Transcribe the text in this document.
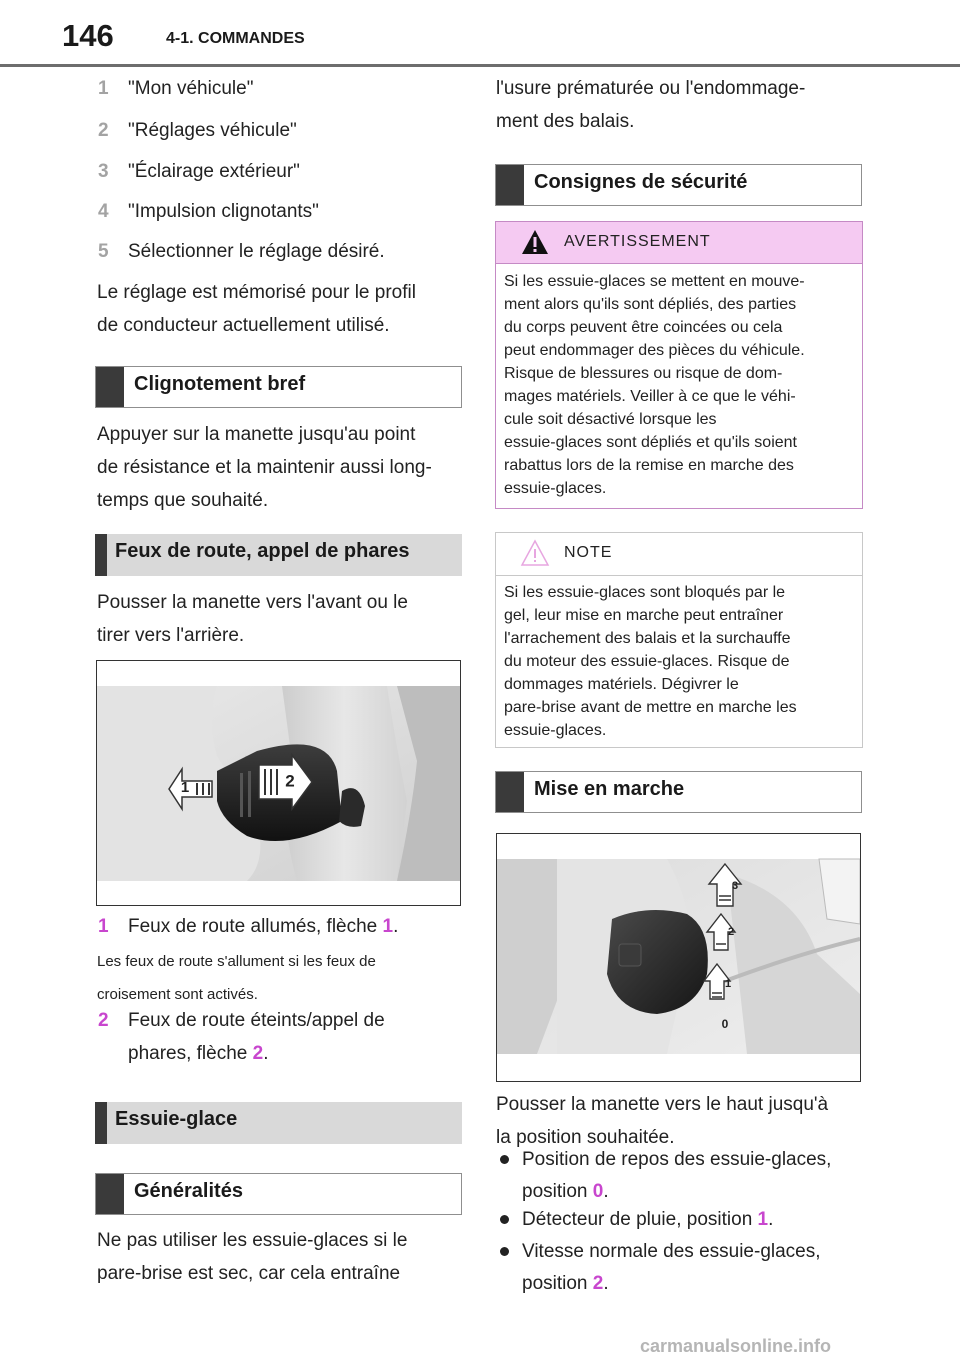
146	4-1. COMMANDES
1 "Mon véhicule"
2 "Réglages véhicule"
3 "Éclairage extérieur"
4 "Impulsion clignotants"
5 Sélectionner le réglage désiré.
Le réglage est mémorisé pour le profil
de conducteur actuellement utilisé.
Clignotement bref
Appuyer sur la manette jusqu'au point
de résistance et la maintenir aussi long-
temps que souhaité.
Feux de route, appel de phares
Pousser la manette vers l'avant ou le
tirer vers l'arrière.
1	2
1 Feux de route allumés, flèche 1.
Les feux de route s'allument si les feux de
croisement sont activés.
2 Feux de route éteints/appel de
phares, flèche 2.
Essuie-glace
Généralités
Ne pas utiliser les essuie-glaces si le
pare-brise est sec, car cela entraîne
l'usure prématurée ou l'endommage-
ment des balais.
Consignes de sécurité
AVERTISSEMENT
Si les essuie-glaces se mettent en mouve-
ment alors qu'ils sont dépliés, des parties
du corps peuvent être coincées ou cela
peut endommager des pièces du véhicule.
Risque de blessures ou risque de dom-
mages matériels. Veiller à ce que le véhi-
cule soit désactivé lorsque les
essuie-glaces sont dépliés et qu'ils soient
rabattus lors de la remise en marche des
essuie-glaces.
NOTE
Si les essuie-glaces sont bloqués par le
gel, leur mise en marche peut entraîner
l'arrachement des balais et la surchauffe
du moteur des essuie-glaces. Risque de
dommages matériels. Dégivrer le
pare-brise avant de mettre en marche les
essuie-glaces.
Mise en marche
3
2
1
0
Pousser la manette vers le haut jusqu'à
la position souhaitée.
Position de repos des essuie-glaces,
position 0.
Détecteur de pluie, position 1.
Vitesse normale des essuie-glaces,
position 2.
carmanualsonline.info
